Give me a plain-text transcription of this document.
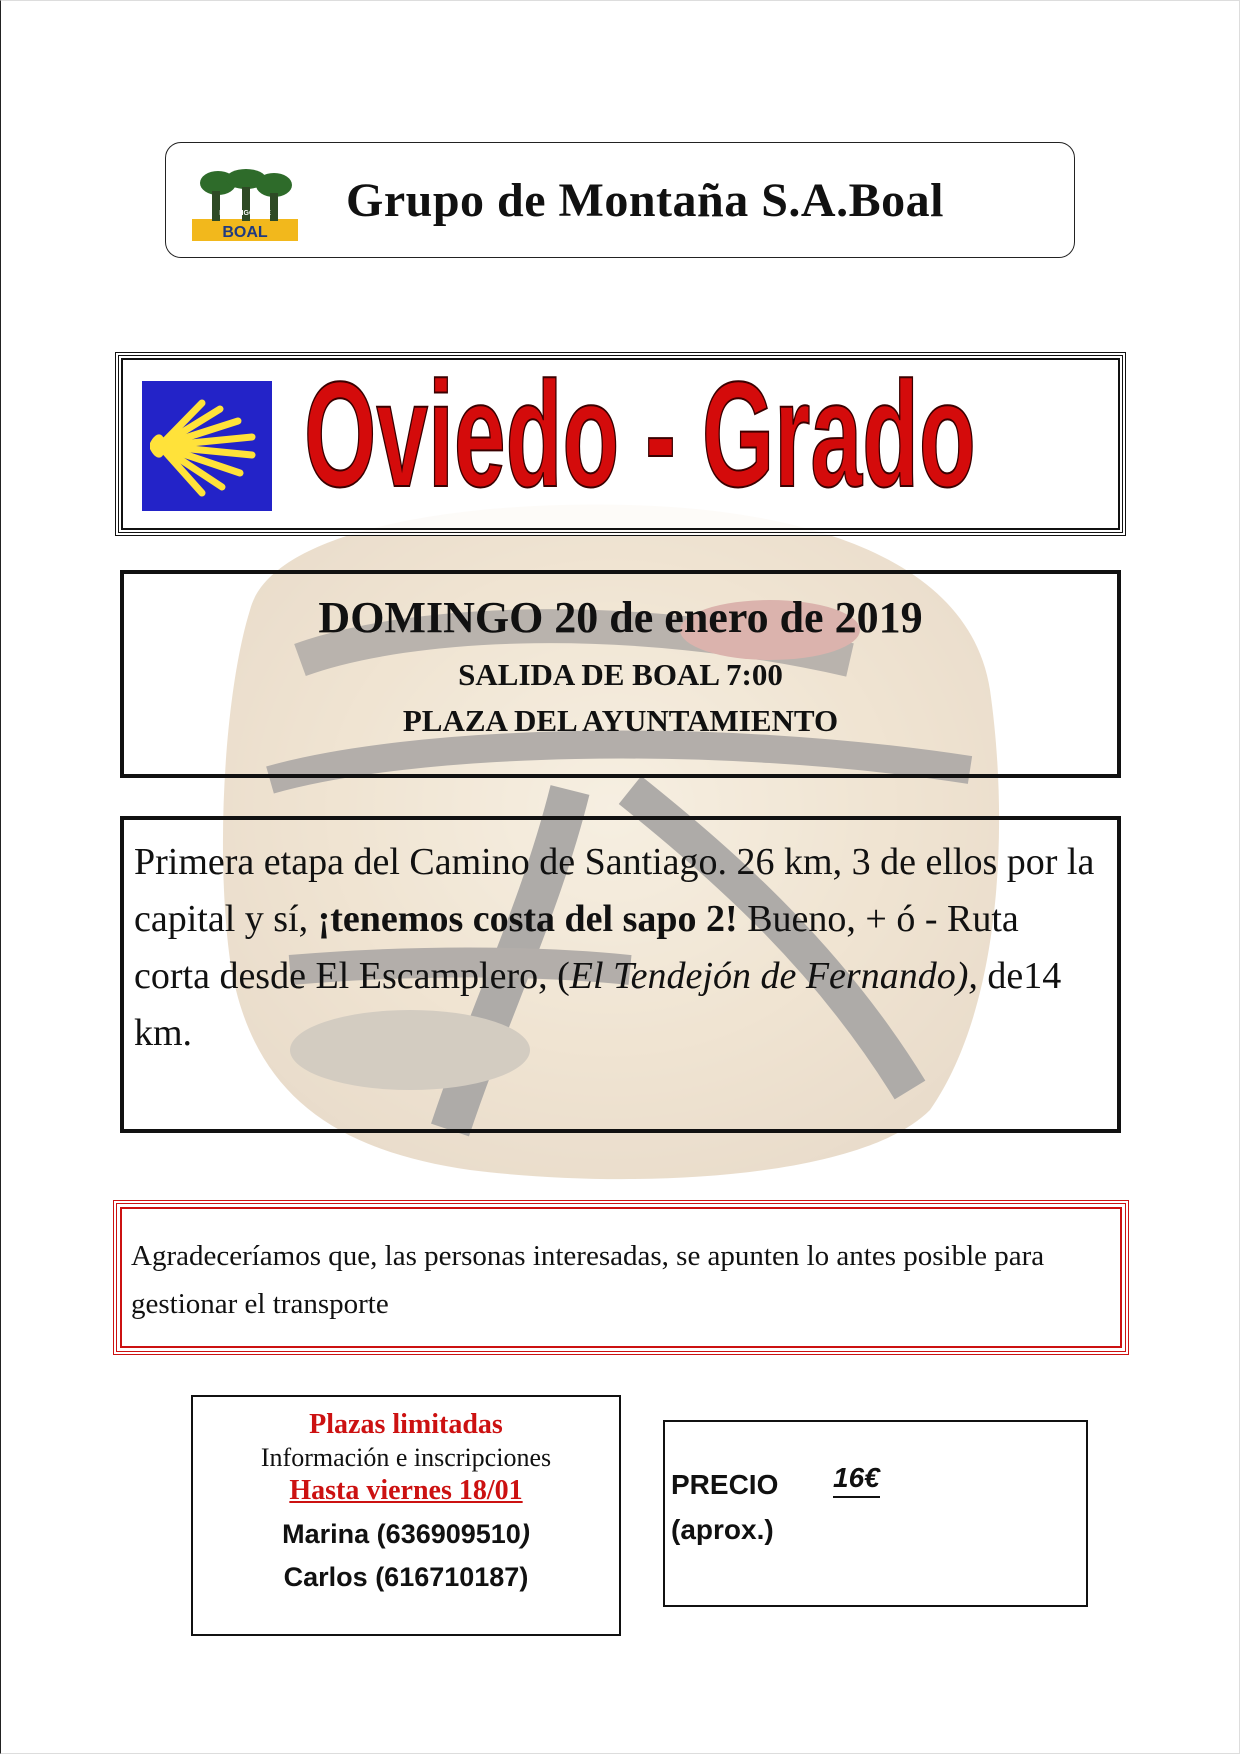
BOAL
DE AMIGOS DE Grupo de Montaña S.A.Boal
Oviedo - Grado
DOMINGO 20 de enero de 2019
SALIDA DE BOAL 7:00
PLAZA DEL AYUNTAMIENTO
Primera etapa del Camino de Santiago. 26 km, 3 de ellos por la capital y sí, ¡tenemos costa del sapo 2! Bueno, + ó - Ruta corta desde El Escamplero, (El Tendejón de Fernando), de14 km.
Agradeceríamos que, las personas interesadas, se apunten lo antes posible para gestionar el transporte
Plazas limitadas
Información e inscripciones
Hasta viernes 18/01
Marina (636909510)
Carlos (616710187)
PRECIO 16€
(aprox.)
